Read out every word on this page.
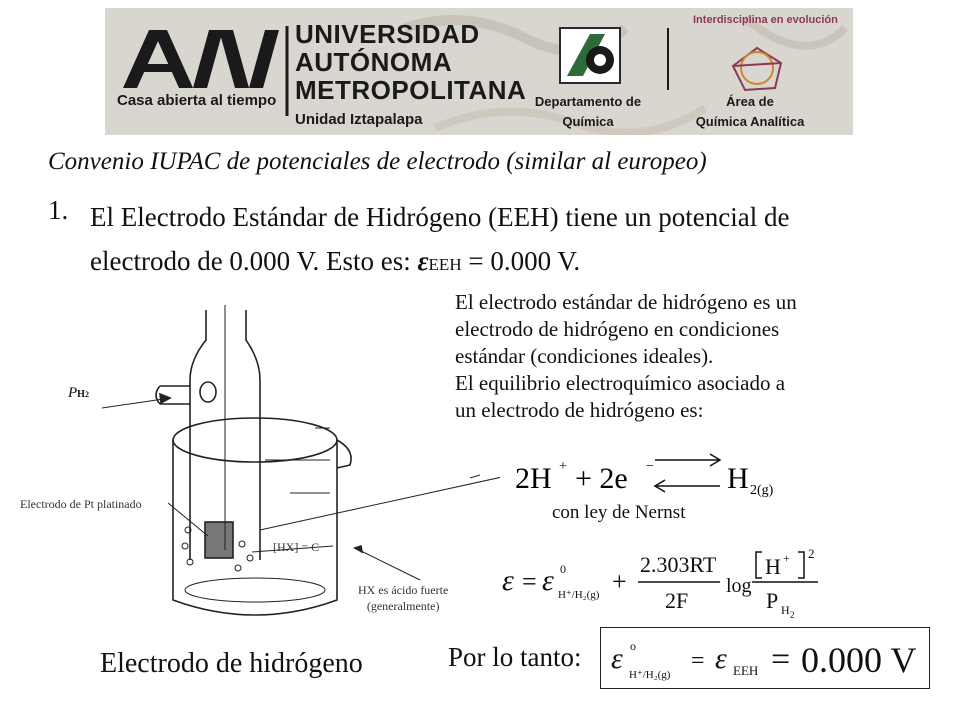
UNIVERSIDAD
AUTÓNOMA
METROPOLITANA
Casa abierta al tiempo
Unidad Iztapalapa
Departamento de
Química
Área de
Química Analítica
Interdisciplina en evolución
Convenio IUPAC de potenciales de electrodo (similar al europeo)
1. El Electrodo Estándar de Hidrógeno (EEH) tiene un potencial de
electrodo de 0.000 V. Esto es: εEEH = 0.000 V.
El electrodo estándar de hidrógeno es un
electrodo de hidrógeno en condiciones
estándar (condiciones ideales).
El equilibrio electroquímico asociado a
un electrodo de hidrógeno es:
2H + + 2e − H 2(g)
con ley de Nernst
ε = ε 0
H⁺/H₂(g) +
2.303RT
2F
log
H + 2
P H 2
Por lo tanto: ε o
H⁺/H₂(g)
= ε EEH = 0.000 V
PH2
Electrodo de Pt platinado
[HX] = C
HX es ácido fuerte
(generalmente)
Electrodo de hidrógeno
